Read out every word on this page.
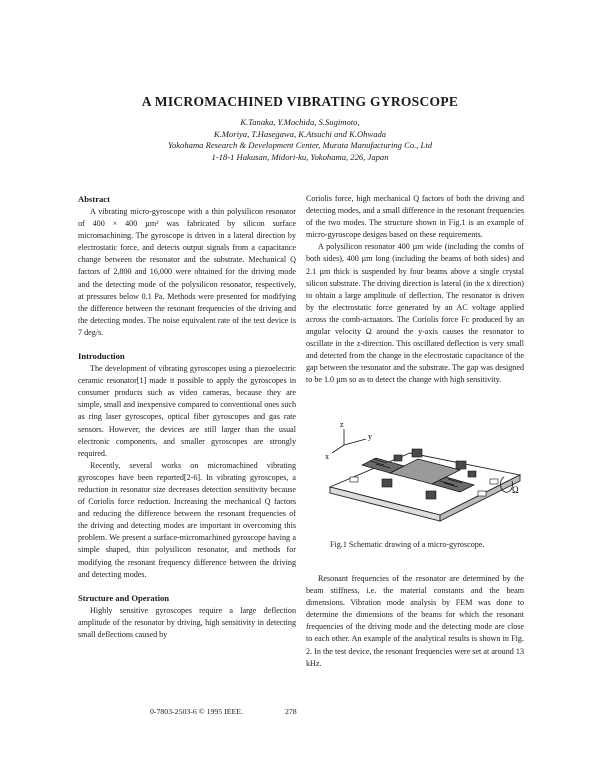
A MICROMACHINED VIBRATING GYROSCOPE
K.Tanaka, Y.Mochida, S.Sugimoto,
K.Moriya, T.Hasegawa, K.Atsuchi and K.Ohwada
Yokohama Research & Development Center, Murata Manufacturing Co., Ltd
1-18-1 Hakusan, Midori-ku, Yokohama, 226, Japan
Abstract

A vibrating micro-gyroscope with a thin polysilicon resonator of 400 × 400 µm² was fabricated by silicon surface micromachining. The gyroscope is driven in a lateral direction by electrostatic force, and detects output signals from a capacitance change between the resonator and the substrate. Mechanical Q factors of 2,800 and 16,000 were obtained for the driving mode and the detecting mode of the polysilicon resonator, respectively, at pressures below 0.1 Pa. Methods were presented for modifying the difference between the resonant frequencies of the driving and the detecting modes. The noise equivalent rate of the test device is 7 deg/s.

Introduction

The development of vibrating gyroscopes using a piezoelectric ceramic resonator[1] made it possible to apply the gyroscopes in consumer products such as video cameras, because they are simple, small and inexpensive compared to conventional ones such as ring laser gyroscopes, optical fiber gyroscopes and gas rate sensors. However, the devices are still larger than the usual electronic components, and smaller gyroscopes are strongly required.

Recently, several works on micromachined vibrating gyroscopes have been reported[2-6]. In vibrating gyroscopes, a reduction in resonator size decreases detection sensitivity because of Coriolis force reduction. Increasing the mechanical Q factors and reducing the difference between the resonant frequencies of the driving and detecting modes are important in overcoming this problem. We present a surface-micromachined gyroscope having a simple shaped, thin polysilicon resonator, and methods for modifying the resonant frequency difference between the driving and detecting modes.

Structure and Operation

Highly sensitive gyroscopes require a large deflection amplitude of the resonator by driving, high sensitivity in detecting small deflections caused by

Coriolis force, high mechanical Q factors of both the driving and detecting modes, and a small difference in the resonant frequencies of the two modes. The structure shown in Fig.1 is an example of micro-gyroscope designs based on these requirements.

A polysilicon resonator 400 µm wide (including the combs of both sides), 400 µm long (including the beams of both sides) and 2.1 µm thick is suspended by four beams above a single crystal silicon substrate. The driving direction is lateral (in the x direction) to obtain a large amplitude of deflection. The resonator is driven by the electrostatic force generated by an AC voltage applied across the comb-actuators. The Coriolis force Fc produced by an angular velocity Ω around the y-axis causes the resonator to oscillate in the z-direction. This oscillated deflection is very small and detected from the change in the electrostatic capacitance of the gap between the resonator and the substrate. The gap was designed to be 1.0 µm so as to detect the change with high sensitivity.

z
y
x
Ω
Fig.1 Schematic drawing of a micro-gyroscope.

Resonant frequencies of the resonator are determined by the beam stiffness, i.e. the material constants and the beam dimensions. Vibration mode analysis by FEM was done to determine the dimensions of the beams for which the resonant frequencies of the driving mode and the detecting mode are close to each other. An example of the analytical results is shown in Fig. 2. In the test device, the resonant frequencies were set at around 13 kHz.

0-7803-2503-6 © 1995 IEEE.	278
